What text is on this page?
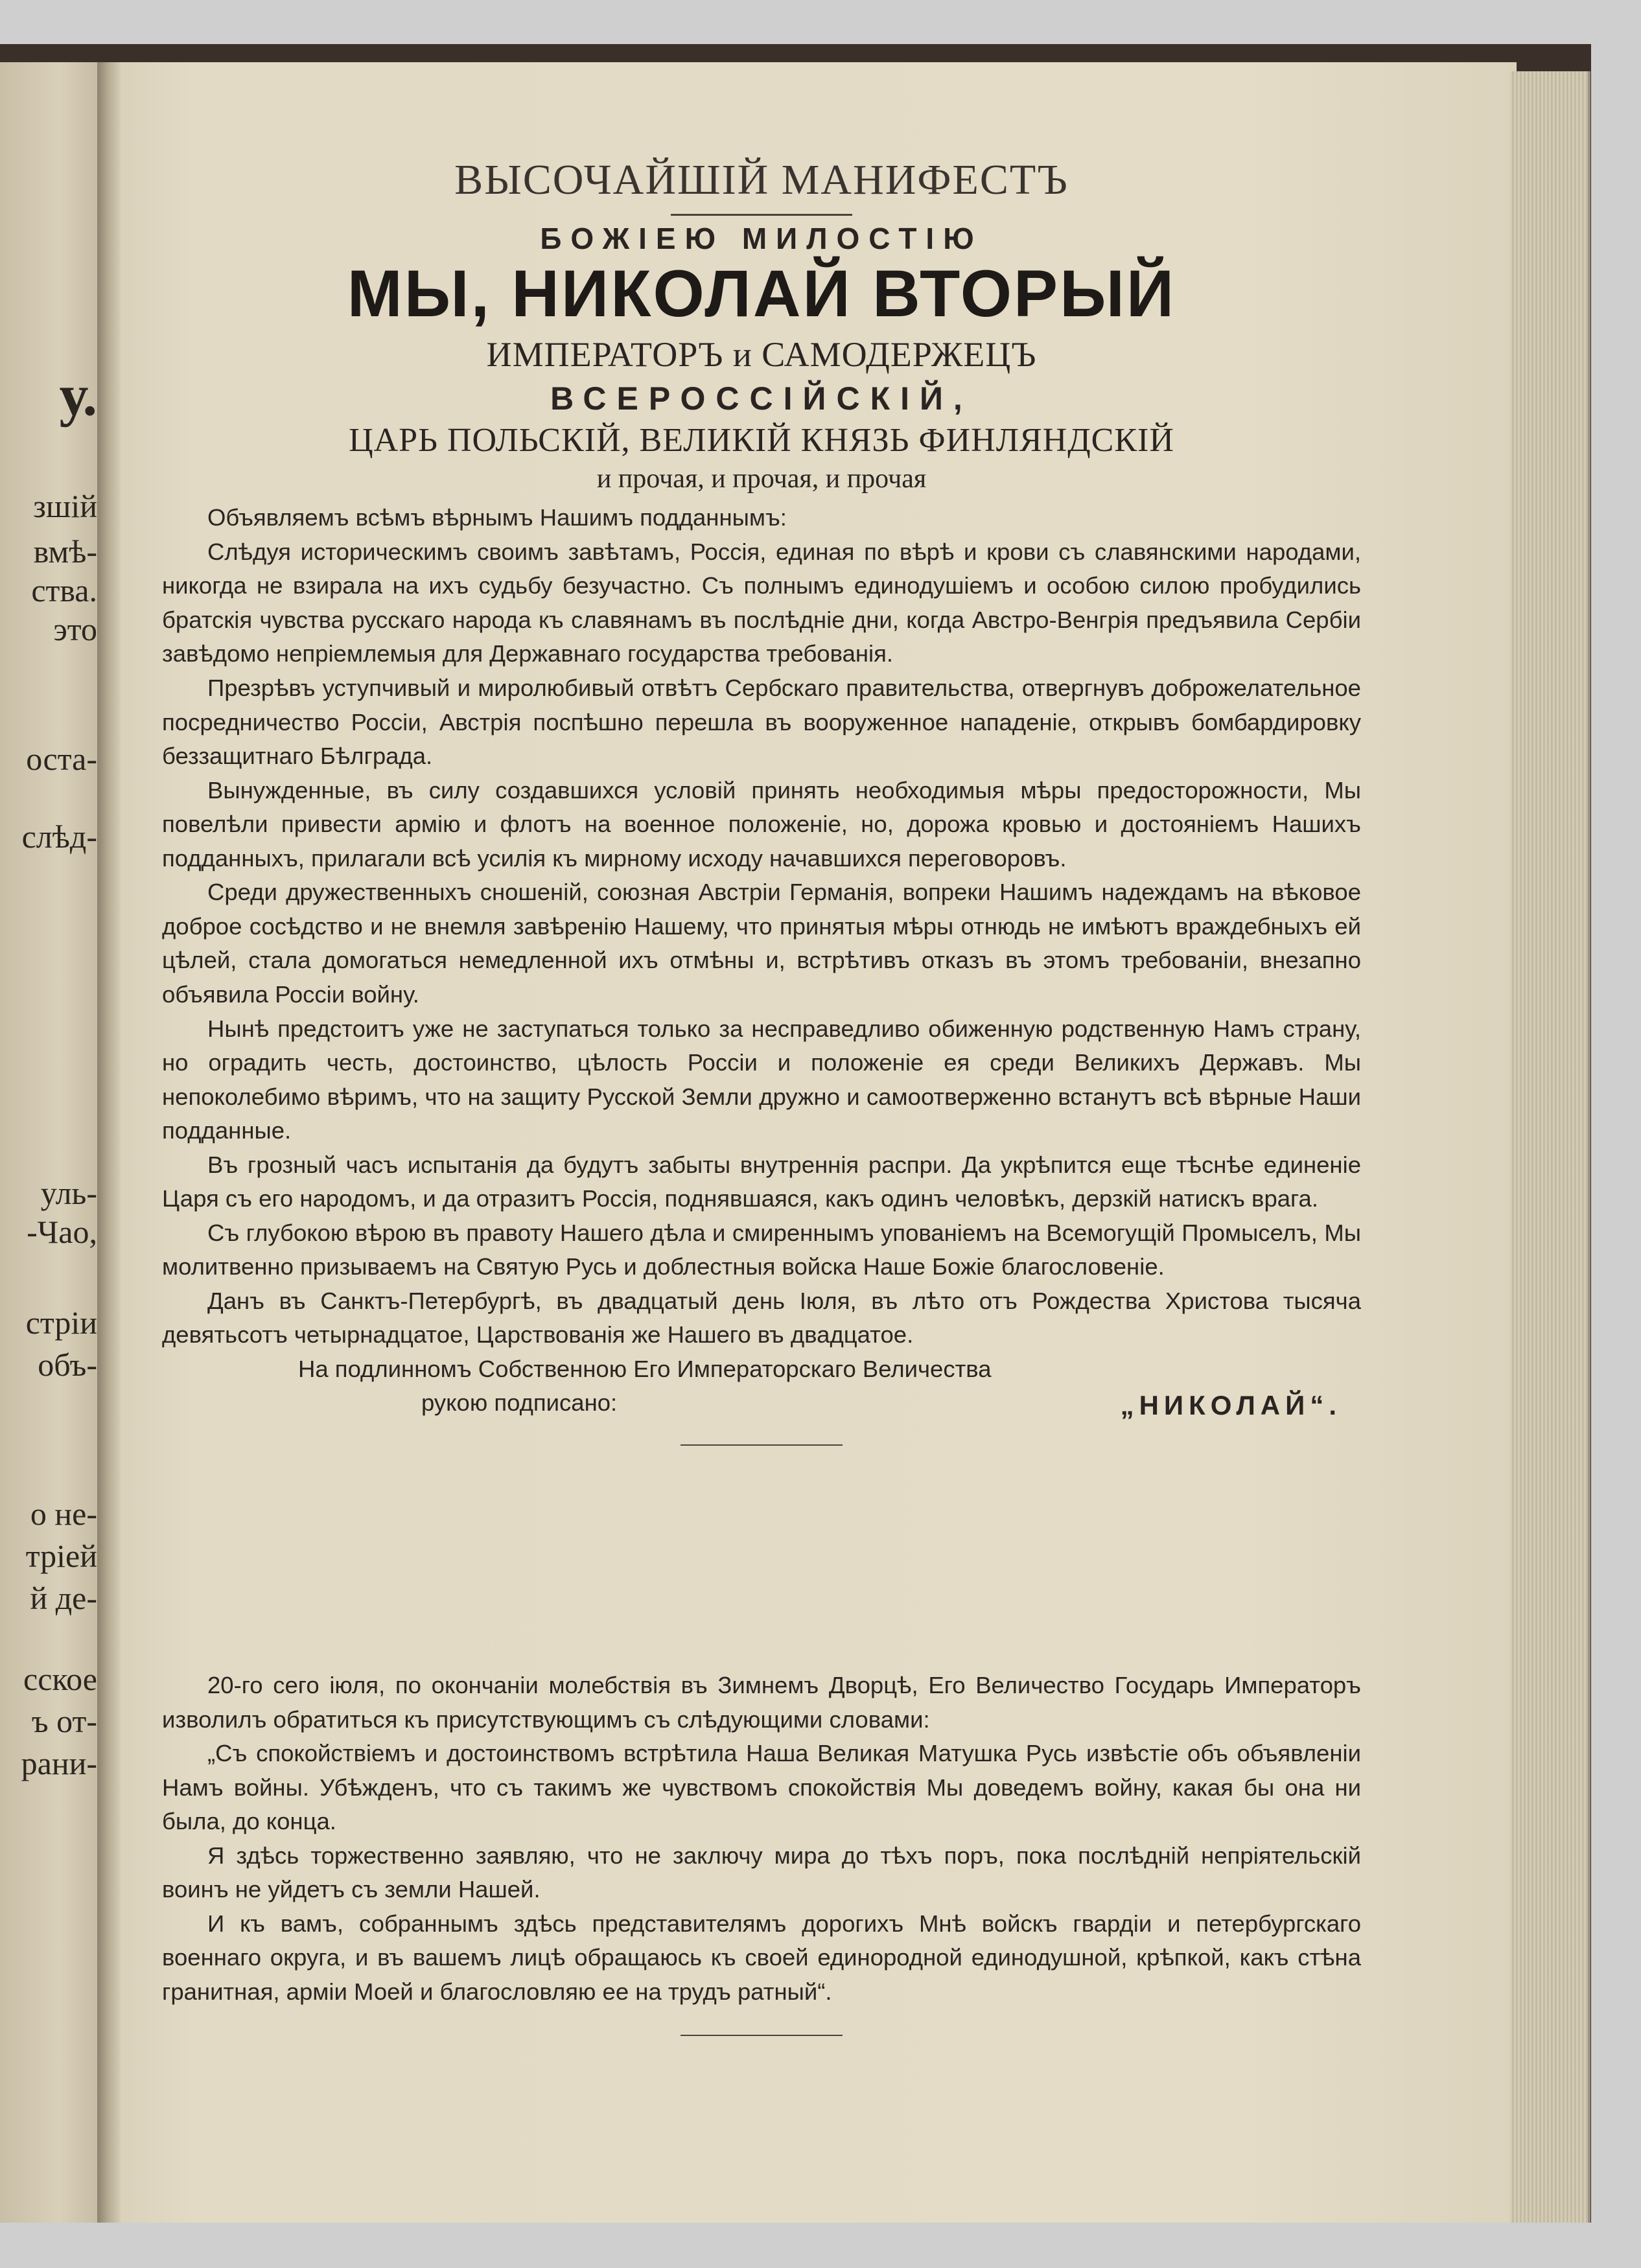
у.
зшій
вмѣ-
ства.
это
оста-
слѣд-
уль-
-Чао,
стріи
объ-
о не-
тріей
й де-
сское
ъ от-
рани-

ВЫСОЧАЙШІЙ МАНИФЕСТЪ

БОЖІЕЮ МИЛОСТІЮ

МЫ, НИКОЛАЙ ВТОРЫЙ

ИМПЕРАТОРЪ и САМОДЕРЖЕЦЪ

ВСЕРОССІЙСКІЙ,

ЦАРЬ ПОЛЬСКІЙ, ВЕЛИКІЙ КНЯЗЬ ФИНЛЯНДСКІЙ

и прочая, и прочая, и прочая

Объявляемъ всѣмъ вѣрнымъ Нашимъ подданнымъ:

Слѣдуя историческимъ своимъ завѣтамъ, Россія, единая по вѣрѣ и крови съ славянскими народами, никогда не взирала на ихъ судьбу безучастно. Съ полнымъ единодушіемъ и особою силою пробудились братскія чувства русскаго народа къ славянамъ въ послѣдніе дни, когда Австро-Венгрія предъявила Сербіи завѣдомо непріемлемыя для Державнаго государства требованія.

Презрѣвъ уступчивый и миролюбивый отвѣтъ Сербскаго правительства, отвергнувъ доброжелательное посредничество Россіи, Австрія поспѣшно перешла въ вооруженное нападеніе, открывъ бомбардировку беззащитнаго Бѣлграда.

Вынужденные, въ силу создавшихся условій принять необходимыя мѣры предосторожности, Мы повелѣли привести армію и флотъ на военное положеніе, но, дорожа кровью и достояніемъ Нашихъ подданныхъ, прилагали всѣ усилія къ мирному исходу начавшихся переговоровъ.

Среди дружественныхъ сношеній, союзная Австріи Германія, вопреки Нашимъ надеждамъ на вѣковое доброе сосѣдство и не внемля завѣренію Нашему, что принятыя мѣры отнюдь не имѣютъ враждебныхъ ей цѣлей, стала домогаться немедленной ихъ отмѣны и, встрѣтивъ отказъ въ этомъ требованіи, внезапно объявила Россіи войну.

Нынѣ предстоитъ уже не заступаться только за несправедливо обиженную родственную Намъ страну, но оградить честь, достоинство, цѣлость Россіи и положеніе ея среди Великихъ Державъ. Мы непоколебимо вѣримъ, что на защиту Русской Земли дружно и самоотверженно встанутъ всѣ вѣрные Наши подданные.

Въ грозный часъ испытанія да будутъ забыты внутреннія распри. Да укрѣпится еще тѣснѣе единеніе Царя съ его народомъ, и да отразитъ Россія, поднявшаяся, какъ одинъ человѣкъ, дерзкій натискъ врага.

Съ глубокою вѣрою въ правоту Нашего дѣла и смиреннымъ упованіемъ на Всемогущій Промыселъ, Мы молитвенно призываемъ на Святую Русь и доблестныя войска Наше Божіе благословеніе.

Данъ въ Санктъ-Петербургѣ, въ двадцатый день Іюля, въ лѣто отъ Рождества Христова тысяча девятьсотъ четырнадцатое, Царствованія же Нашего въ двадцатое.

На подлинномъ Собственною Его Императорскаго Величества
рукою подписано:	„НИКОЛАЙ“.

20-го сего іюля, по окончаніи молебствія въ Зимнемъ Дворцѣ, Его Величество Государь Императоръ изволилъ обратиться къ присутствующимъ съ слѣдующими словами:

„Съ спокойствіемъ и достоинствомъ встрѣтила Наша Великая Матушка Русь извѣстіе объ объявленіи Намъ войны. Убѣжденъ, что съ такимъ же чувствомъ спокойствія Мы доведемъ войну, какая бы она ни была, до конца.

Я здѣсь торжественно заявляю, что не заключу мира до тѣхъ поръ, пока послѣдній непріятельскій воинъ не уйдетъ съ земли Нашей.

И къ вамъ, собраннымъ здѣсь представителямъ дорогихъ Мнѣ войскъ гвардіи и петербургскаго военнаго округа, и въ вашемъ лицѣ обращаюсь къ своей единородной единодушной, крѣпкой, какъ стѣна гранитная, арміи Моей и благословляю ее на трудъ ратный“.
